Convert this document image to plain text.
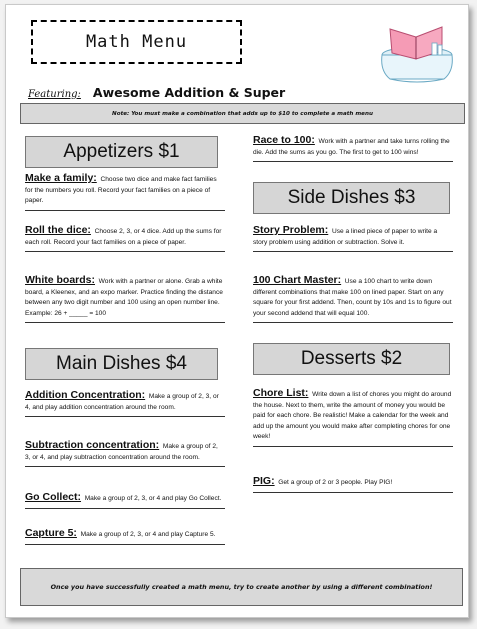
Math Menu
Featuring: Awesome Addition & Super
Note: You must make a combination that adds up to $10 to complete a math menu
Appetizers $1
Make a family: Choose two dice and make fact families for the numbers you roll. Record your fact families on a piece of paper.
Roll the dice: Choose 2, 3, or 4 dice. Add up the sums for each roll. Record your fact families on a piece of paper.
White boards: Work with a partner or alone. Grab a white board, a Kleenex, and an expo marker. Practice finding the distance between any two digit number and 100 using an open number line. Example: 26 + _____ = 100
Main Dishes $4
Addition Concentration: Make a group of 2, 3, or 4, and play addition concentration around the room.
Subtraction concentration: Make a group of 2, 3, or 4, and play subtraction concentration around the room.
Go Collect: Make a group of 2, 3, or 4 and play Go Collect.
Capture 5: Make a group of 2, 3, or 4 and play Capture 5.
Race to 100: Work with a partner and take turns rolling the die. Add the sums as you go. The first to get to 100 wins!
Side Dishes $3
Story Problem: Use a lined piece of paper to write a story problem using addition or subtraction. Solve it.
100 Chart Master: Use a 100 chart to write down different combinations that make 100 on lined paper. Start on any square for your first addend. Then, count by 10s and 1s to figure out your second addend that will equal 100.
Desserts $2
Chore List: Write down a list of chores you might do around the house. Next to them, write the amount of money you would be paid for each chore. Be realistic! Make a calendar for the week and add up the amount you would make after completing chores for one week!
PIG: Get a group of 2 or 3 people. Play PIG!
Once you have successfully created a math menu, try to create another by using a different combination!
